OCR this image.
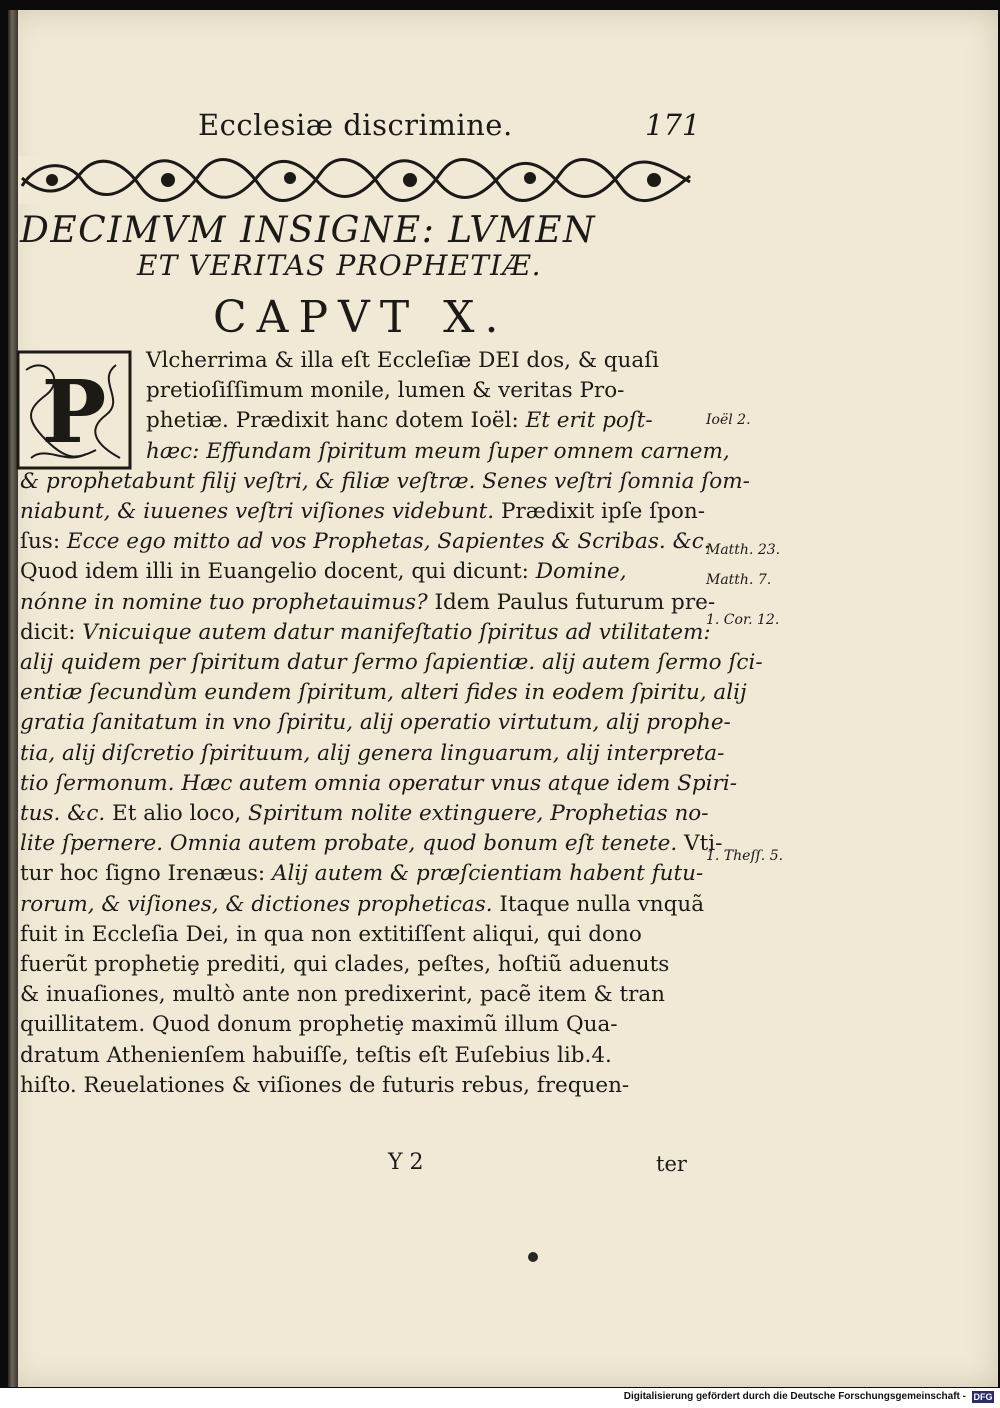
Ecclesiæ discrimine.	171
DECIMVM INSIGNE: LVMEN
ET VERITAS PROPHETIÆ.
CAPVT X.
P
Vlcherrima & illa eſt Eccleſiæ DEI dos, & quaſi
pretioſiſſimum monile, lumen & veritas Pro-
phetiæ. Prædixit hanc dotem Ioël: Et erit poſt-
hæc: Effundam ſpiritum meum ſuper omnem carnem,
& prophetabunt filij veſtri, & filiæ veſtræ. Senes veſtri ſomnia ſom-
niabunt, & iuuenes veſtri viſiones videbunt. Prædixit ipſe ſpon-
ſus: Ecce ego mitto ad vos Prophetas, Sapientes & Scribas. &c.
Quod idem illi in Euangelio docent, qui dicunt: Domine,
nónne in nomine tuo prophetauimus? Idem Paulus futurum pre-
dicit: Vnicuique autem datur manifeſtatio ſpiritus ad vtilitatem:
alij quidem per ſpiritum datur ſermo ſapientiæ. alij autem ſermo ſci-
entiæ ſecundùm eundem ſpiritum, alteri fides in eodem ſpiritu, alij
gratia ſanitatum in vno ſpiritu, alij operatio virtutum, alij prophe-
tia, alij diſcretio ſpirituum, alij genera linguarum, alij interpreta-
tio ſermonum. Hæc autem omnia operatur vnus atque idem Spiri-
tus. &c. Et alio loco, Spiritum nolite extinguere, Prophetias no-
lite ſpernere. Omnia autem probate, quod bonum eſt tenete. Vti-
tur hoc ſigno Irenæus: Alij autem & præſcientiam habent futu-
rorum, & viſiones, & dictiones propheticas. Itaque nulla vnquã
fuit in Eccleſia Dei, in qua non extitiſſent aliqui, qui dono
fuerũt prophetiȩ prediti, qui clades, peſtes, hoſtiũ aduenuts
& inuaſiones, multò ante non predixerint, pacẽ item & tran
quillitatem. Quod donum prophetiȩ maximũ illum Qua-
dratum Athenienſem habuiſſe, teſtis eſt Euſebius lib.4.
hiſto. Reuelationes & viſiones de futuris rebus, frequen-
Ioël 2.
Matth. 23.
Matth. 7.
1. Cor. 12.
1. Theſſ. 5.
Y 2	ter
Digitalisierung gefördert durch die Deutsche Forschungsgemeinschaft - DFG
